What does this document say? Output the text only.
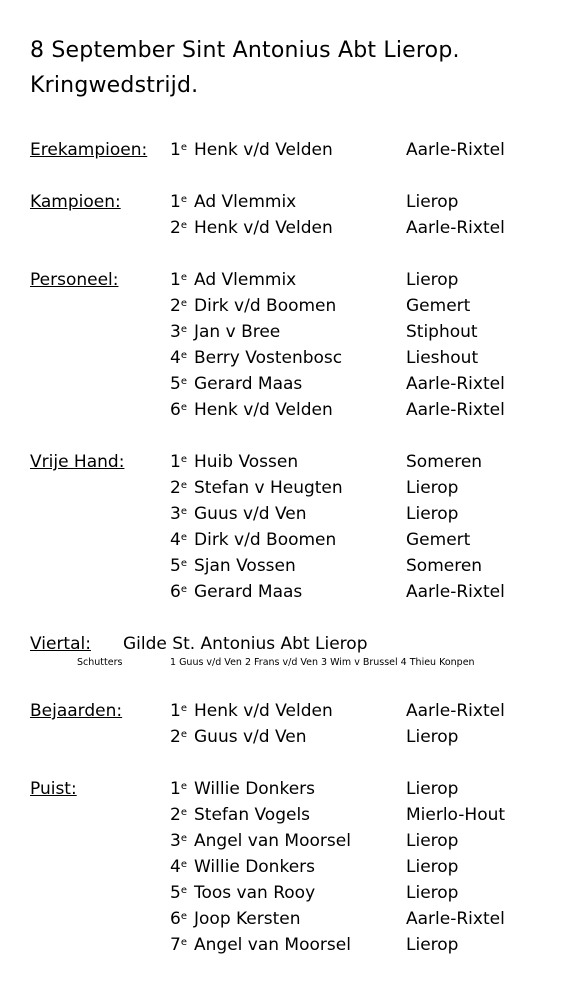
8 September Sint Antonius Abt Lierop.
Kringwedstrijd.
Erekampioen: 1e Henk v/d Velden	Aarle-Rixtel
Kampioen:	1e Ad Vlemmix	Lierop
2e Henk v/d Velden	Aarle-Rixtel
Personeel:	1e Ad Vlemmix	Lierop
2e Dirk v/d Boomen	Gemert
3e Jan v Bree	Stiphout
4e Berry Vostenbosc	Lieshout
5e Gerard Maas	Aarle-Rixtel
6e Henk v/d Velden	Aarle-Rixtel
Vrije Hand:	1e Huib Vossen	Someren
2e Stefan v Heugten	Lierop
3e Guus v/d Ven	Lierop
4e Dirk v/d Boomen	Gemert
5e Sjan Vossen	Someren
6e Gerard Maas	Aarle-Rixtel
Viertal: Gilde St. Antonius Abt Lierop
Schutters	1 Guus v/d Ven 2 Frans v/d Ven 3 Wim v Brussel 4 Thieu Konpen
Bejaarden:	1e Henk v/d Velden	Aarle-Rixtel
2e Guus v/d Ven	Lierop
Puist:	1e Willie Donkers	Lierop
2e Stefan Vogels	Mierlo-Hout
3e Angel van Moorsel	Lierop
4e Willie Donkers	Lierop
5e Toos van Rooy	Lierop
6e Joop Kersten	Aarle-Rixtel
7e Angel van Moorsel	Lierop
